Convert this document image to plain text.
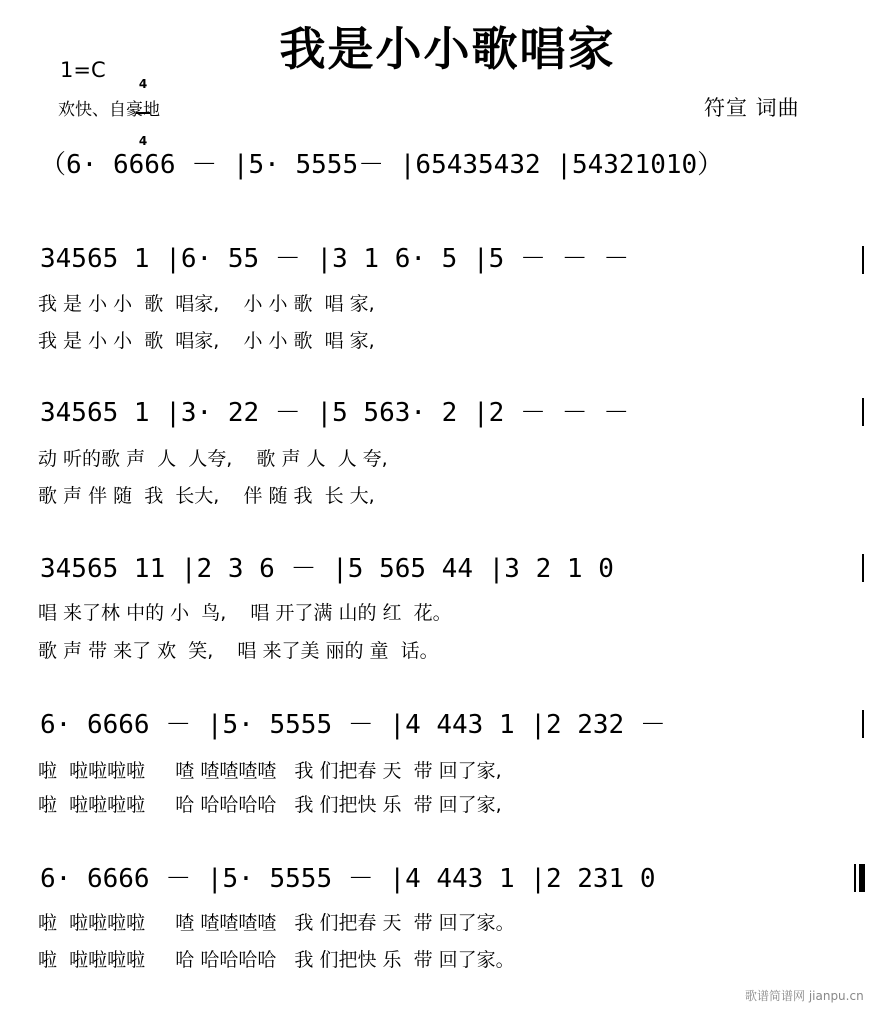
我是小小歌唱家
1=C

4

4

欢快、自豪地	符宣 词曲
（6· 6666 － |5· 5555－ |65435432 |54321010）
34565 1 |6· 55 － |3 1 6· 5 |5 － － －
我 是 小 小  歌  唱家,    小 小 歌  唱 家,
我 是 小 小  歌  唱家,    小 小 歌  唱 家,
34565 1 |3· 22 － |5 563· 2 |2 － － －
动 听的歌 声  人  人夸,    歌 声 人  人 夸,
歌 声 伴 随  我  长大,    伴 随 我  长 大,
34565 11 |2 3 6 － |5 565 44 |3 2 1 0
唱 来了林 中的 小  鸟,    唱 开了满 山的 红  花。
歌 声 带 来了 欢  笑,    唱 来了美 丽的 童  话。
6· 6666 － |5· 5555 － |4 443 1 |2 232 －
啦  啦啦啦啦     喳 喳喳喳喳   我 们把春 天  带 回了家,
啦  啦啦啦啦     哈 哈哈哈哈   我 们把快 乐  带 回了家,
6· 6666 － |5· 5555 － |4 443 1 |2 231 0
啦  啦啦啦啦     喳 喳喳喳喳   我 们把春 天  带 回了家。
啦  啦啦啦啦     哈 哈哈哈哈   我 们把快 乐  带 回了家。
歌谱简谱网 jianpu.cn
